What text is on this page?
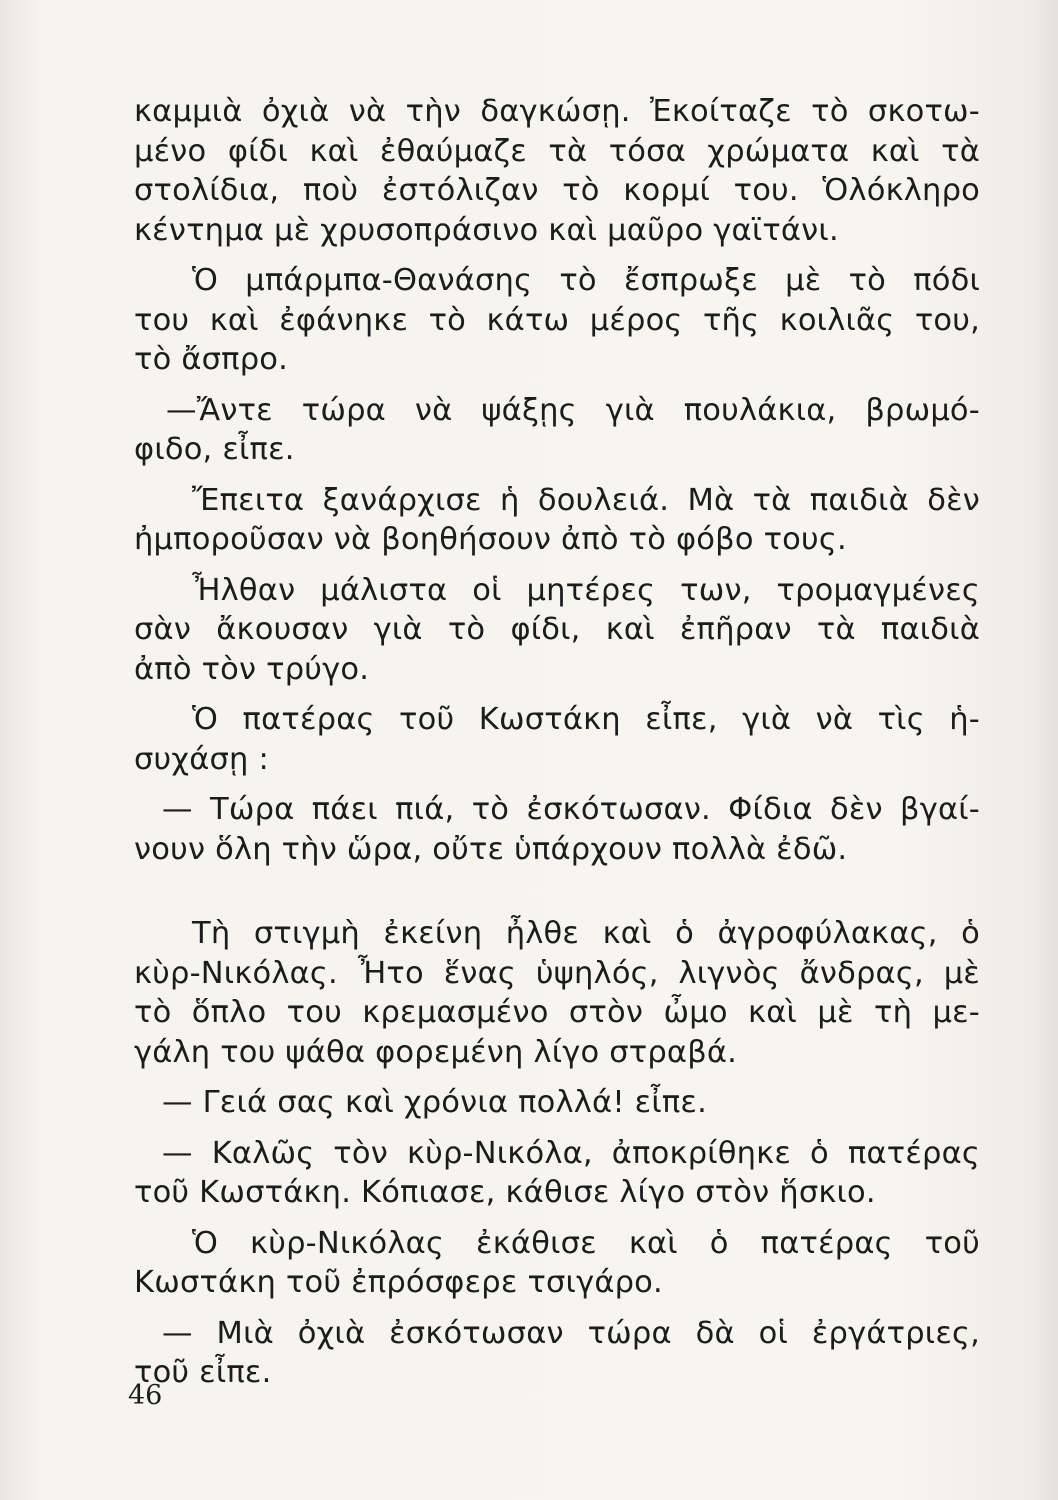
καμμιὰ ὀχιὰ νὰ τὴν δαγκώσῃ. Ἐκοίταζε τὸ σκοτω-
μένο φίδι καὶ ἐθαύμαζε τὰ τόσα χρώματα καὶ τὰ
στολίδια, ποὺ ἐστόλιζαν τὸ κορμί του. Ὁλόκληρο
κέντημα μὲ χρυσοπράσινο καὶ μαῦρο γαϊτάνι.
Ὁ μπάρμπα-Θανάσης τὸ ἔσπρωξε μὲ τὸ πόδι
του καὶ ἐφάνηκε τὸ κάτω μέρος τῆς κοιλιᾶς του,
τὸ ἄσπρο.
—Ἄντε τώρα νὰ ψάξῃς γιὰ πουλάκια, βρωμό-
φιδο, εἶπε.
Ἔπειτα ξανάρχισε ἡ δουλειά. Μὰ τὰ παιδιὰ δὲν
ἠμποροῦσαν νὰ βοηθήσουν ἀπὸ τὸ φόβο τους.
Ἦλθαν μάλιστα οἱ μητέρες των, τρομαγμένες
σὰν ἄκουσαν γιὰ τὸ φίδι, καὶ ἐπῆραν τὰ παιδιὰ
ἀπὸ τὸν τρύγο.
Ὁ πατέρας τοῦ Κωστάκη εἶπε, γιὰ νὰ τὶς ἡ-
συχάσῃ :
— Τώρα πάει πιά, τὸ ἐσκότωσαν. Φίδια δὲν βγαί-
νουν ὅλη τὴν ὥρα, οὔτε ὑπάρχουν πολλὰ ἐδῶ.
Τὴ στιγμὴ ἐκείνη ἦλθε καὶ ὁ ἀγροφύλακας, ὁ
κὺρ-Νικόλας. Ἦτο ἕνας ὑψηλός, λιγνὸς ἄνδρας, μὲ
τὸ ὅπλο του κρεμασμένο στὸν ὦμο καὶ μὲ τὴ με-
γάλη του ψάθα φορεμένη λίγο στραβά.
— Γειά σας καὶ χρόνια πολλά! εἶπε.
— Καλῶς τὸν κὺρ-Νικόλα, ἀποκρίθηκε ὁ πατέρας
τοῦ Κωστάκη. Κόπιασε, κάθισε λίγο στὸν ἥσκιο.
Ὁ κὺρ-Νικόλας ἐκάθισε καὶ ὁ πατέρας τοῦ
Κωστάκη τοῦ ἐπρόσφερε τσιγάρο.
— Μιὰ ὀχιὰ ἐσκότωσαν τώρα δὰ οἱ ἐργάτριες,
τοῦ εἶπε.
46
